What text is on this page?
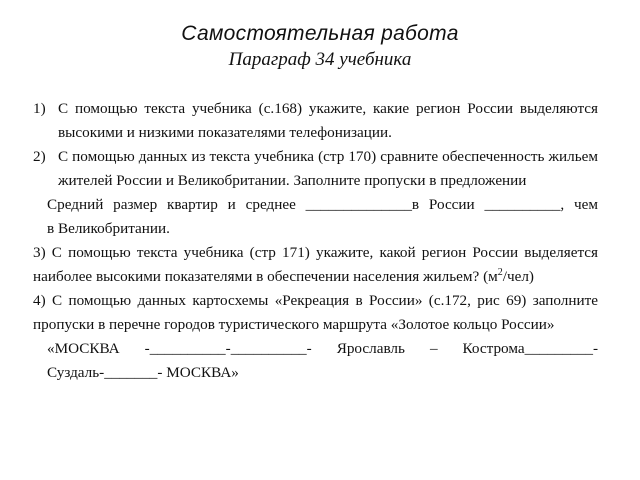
Самостоятельная работа
Параграф 34 учебника
1) С помощью текста учебника (с.168) укажите, какие регион России выделяются высокими и низкими показателями телефонизации.
2) С помощью данных из текста учебника (стр 170) сравните обеспеченность жильем жителей России и Великобритании. Заполните пропуски в предложении
Средний размер квартир и среднее ______________в России __________, чем
в Великобритании.
3) С помощью текста учебника (стр 171) укажите, какой регион России выделяется наиболее высокими показателями в обеспечении населения жильем? $(м^2/чел)$
4) С помощью данных картосхемы «Рекреация в России» (с.172, рис 69) заполните пропуски в перечне городов туристического маршрута «Золотое кольцо России»
«МОСКВА -__________-__________- Ярославль – Кострома_________-
Суздаль-_______- МОСКВА»
